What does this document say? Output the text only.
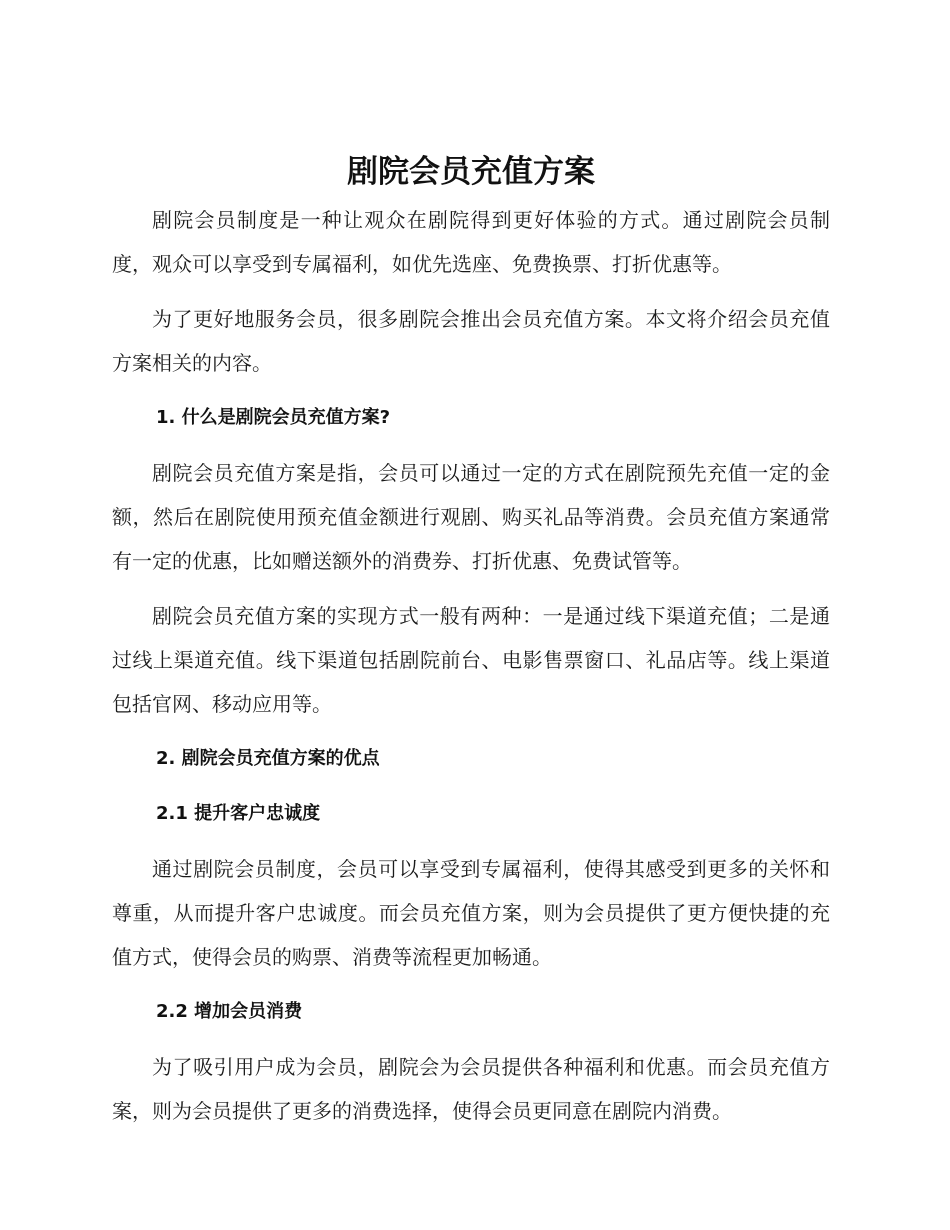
剧院会员充值方案

剧院会员制度是一种让观众在剧院得到更好体验的方式。通过剧院会员制度，观众可以享受到专属福利，如优先选座、免费换票、打折优惠等。

为了更好地服务会员，很多剧院会推出会员充值方案。本文将介绍会员充值方案相关的内容。

1. 什么是剧院会员充值方案?

剧院会员充值方案是指，会员可以通过一定的方式在剧院预先充值一定的金额，然后在剧院使用预充值金额进行观剧、购买礼品等消费。会员充值方案通常有一定的优惠，比如赠送额外的消费券、打折优惠、免费试管等。

剧院会员充值方案的实现方式一般有两种：一是通过线下渠道充值；二是通过线上渠道充值。线下渠道包括剧院前台、电影售票窗口、礼品店等。线上渠道包括官网、移动应用等。

2. 剧院会员充值方案的优点
2.1 提升客户忠诚度

通过剧院会员制度，会员可以享受到专属福利，使得其感受到更多的关怀和尊重，从而提升客户忠诚度。而会员充值方案，则为会员提供了更方便快捷的充值方式，使得会员的购票、消费等流程更加畅通。

2.2 增加会员消费

为了吸引用户成为会员，剧院会为会员提供各种福利和优惠。而会员充值方案，则为会员提供了更多的消费选择，使得会员更同意在剧院内消费。
